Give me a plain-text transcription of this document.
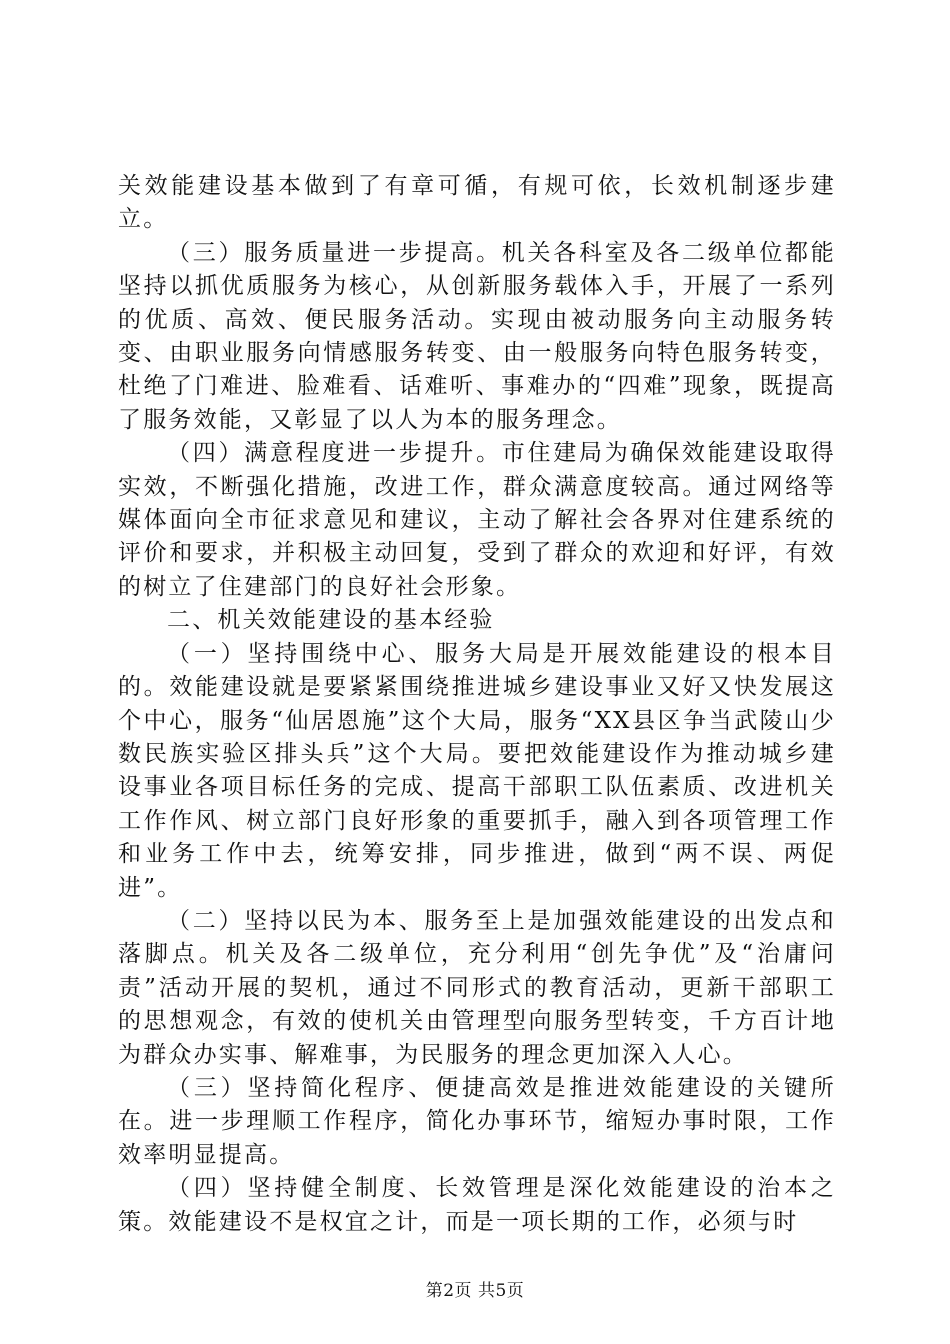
关效能建设基本做到了有章可循，有规可依，长效机制逐步建立。

（三）服务质量进一步提高。机关各科室及各二级单位都能坚持以抓优质服务为核心，从创新服务载体入手，开展了一系列的优质、高效、便民服务活动。实现由被动服务向主动服务转变、由职业服务向情感服务转变、由一般服务向特色服务转变，杜绝了门难进、脸难看、话难听、事难办的“四难”现象，既提高了服务效能，又彰显了以人为本的服务理念。

（四）满意程度进一步提升。市住建局为确保效能建设取得实效，不断强化措施，改进工作，群众满意度较高。通过网络等媒体面向全市征求意见和建议，主动了解社会各界对住建系统的评价和要求，并积极主动回复，受到了群众的欢迎和好评，有效的树立了住建部门的良好社会形象。

二、机关效能建设的基本经验

（一）坚持围绕中心、服务大局是开展效能建设的根本目的。效能建设就是要紧紧围绕推进城乡建设事业又好又快发展这个中心，服务“仙居恩施”这个大局，服务“XX县区争当武陵山少数民族实验区排头兵”这个大局。要把效能建设作为推动城乡建设事业各项目标任务的完成、提高干部职工队伍素质、改进机关工作作风、树立部门良好形象的重要抓手，融入到各项管理工作和业务工作中去，统筹安排，同步推进，做到“两不误、两促进”。

（二）坚持以民为本、服务至上是加强效能建设的出发点和落脚点。机关及各二级单位，充分利用“创先争优”及“治庸问责”活动开展的契机，通过不同形式的教育活动，更新干部职工的思想观念，有效的使机关由管理型向服务型转变，千方百计地为群众办实事、解难事，为民服务的理念更加深入人心。

（三）坚持简化程序、便捷高效是推进效能建设的关键所在。进一步理顺工作程序，简化办事环节，缩短办事时限，工作效率明显提高。

（四）坚持健全制度、长效管理是深化效能建设的治本之策。效能建设不是权宜之计，而是一项长期的工作，必须与时

第2页 共5页
